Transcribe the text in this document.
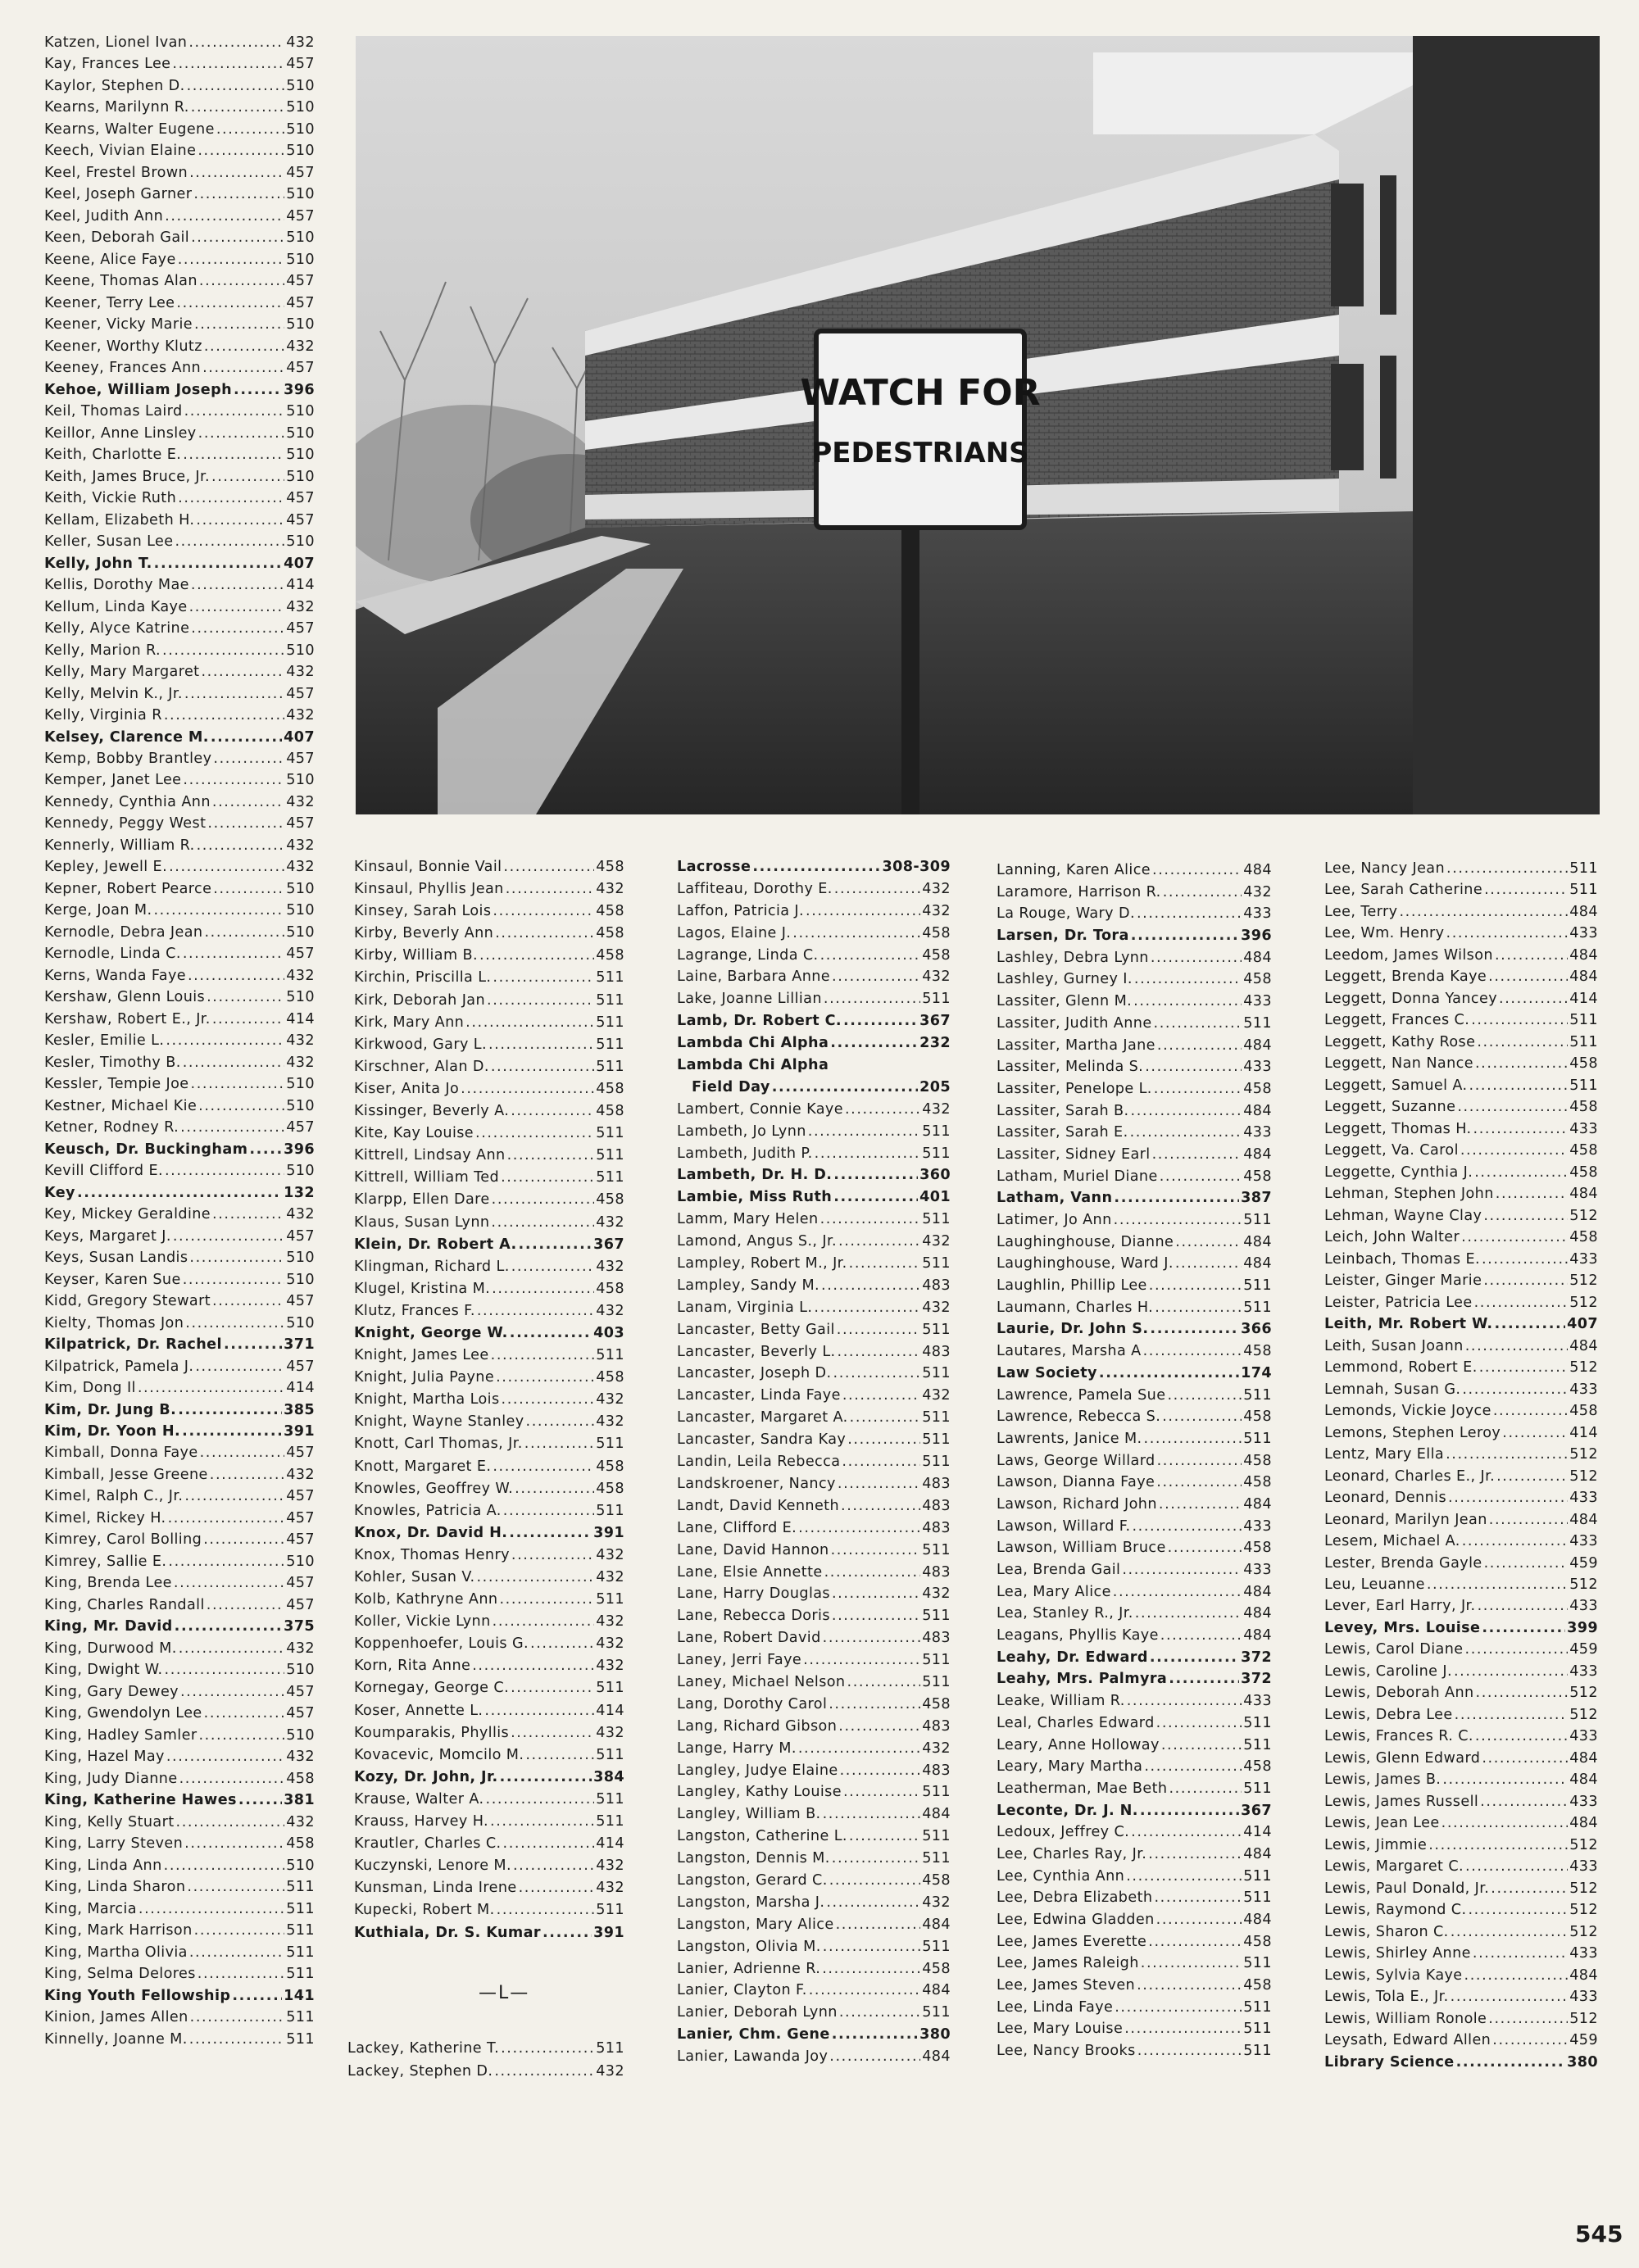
WATCH FOR
PEDESTRIANS
Katzen, Lionel Ivan .....	432
Kay, Frances Lee .....	457
Kaylor, Stephen D. .....	510
Kearns, Marilynn R. .....	510
Kearns, Walter Eugene .....	510
Keech, Vivian Elaine .....	510
Keel, Frestel Brown .....	457
Keel, Joseph Garner .....	510
Keel, Judith Ann .....	457
Keen, Deborah Gail .....	510
Keene, Alice Faye .....	510
Keene, Thomas Alan .....	457
Keener, Terry Lee .....	457
Keener, Vicky Marie .....	510
Keener, Worthy Klutz .....	432
Keeney, Frances Ann .....	457
Kehoe, William Joseph .....	396
Keil, Thomas Laird .....	510
Keillor, Anne Linsley .....	510
Keith, Charlotte E. .....	510
Keith, James Bruce, Jr. .....	510
Keith, Vickie Ruth .....	457
Kellam, Elizabeth H. .....	457
Keller, Susan Lee .....	510
Kelly, John T. .....	407
Kellis, Dorothy Mae .....	414
Kellum, Linda Kaye .....	432
Kelly, Alyce Katrine .....	457
Kelly, Marion R. .....	510
Kelly, Mary Margaret .....	432
Kelly, Melvin K., Jr. .....	457
Kelly, Virginia R .....	432
Kelsey, Clarence M. .....	407
Kemp, Bobby Brantley .....	457
Kemper, Janet Lee .....	510
Kennedy, Cynthia Ann .....	432
Kennedy, Peggy West .....	457
Kennerly, William R. .....	432
Kepley, Jewell E. .....	432
Kepner, Robert Pearce .....	510
Kerge, Joan M. .....	510
Kernodle, Debra Jean .....	510
Kernodle, Linda C. .....	457
Kerns, Wanda Faye .....	432
Kershaw, Glenn Louis .....	510
Kershaw, Robert E., Jr. .....	414
Kesler, Emilie L. .....	432
Kesler, Timothy B. .....	432
Kessler, Tempie Joe .....	510
Kestner, Michael Kie .....	510
Ketner, Rodney R. .....	457
Keusch, Dr. Buckingham ..... 396
Kevill Clifford E. .....	510
Key .....	132
Key, Mickey Geraldine .....	432
Keys, Margaret J. .....	457
Keys, Susan Landis .....	510
Keyser, Karen Sue .....	510
Kidd, Gregory Stewart .....	457
Kielty, Thomas Jon .....	510
Kilpatrick, Dr. Rachel .....	371
Kilpatrick, Pamela J. .....	457
Kim, Dong Il .....	414
Kim, Dr. Jung B. .....	385
Kim, Dr. Yoon H. .....	391
Kimball, Donna Faye .....	457
Kimball, Jesse Greene .....	432
Kimel, Ralph C., Jr. .....	457
Kimel, Rickey H. .....	457
Kimrey, Carol Bolling .....	457
Kimrey, Sallie E. .....	510
King, Brenda Lee .....	457
King, Charles Randall .....	457
King, Mr. David .....	375
King, Durwood M. .....	432
King, Dwight W. .....	510
King, Gary Dewey .....	457
King, Gwendolyn Lee .....	457
King, Hadley Samler .....	510
King, Hazel May .....	432
King, Judy Dianne .....	458
King, Katherine Hawes .....	381
King, Kelly Stuart .....	432
King, Larry Steven .....	458
King, Linda Ann .....	510
King, Linda Sharon .....	511
King, Marcia .....	511
King, Mark Harrison .....	511
King, Martha Olivia .....	511
King, Selma Delores .....	511
King Youth Fellowship .....	141
Kinion, James Allen .....	511
Kinnelly, Joanne M. .....	511
Kinsaul, Bonnie Vail .....	458
Kinsaul, Phyllis Jean .....	432
Kinsey, Sarah Lois .....	458
Kirby, Beverly Ann .....	458
Kirby, William B. .....	458
Kirchin, Priscilla L. .....	511
Kirk, Deborah Jan .....	511
Kirk, Mary Ann .....	511
Kirkwood, Gary L. .....	511
Kirschner, Alan D. .....	511
Kiser, Anita Jo .....	458
Kissinger, Beverly A. .....	458
Kite, Kay Louise .....	511
Kittrell, Lindsay Ann .....	511
Kittrell, William Ted .....	511
Klarpp, Ellen Dare .....	458
Klaus, Susan Lynn .....	432
Klein, Dr. Robert A. .....	367
Klingman, Richard L. .....	432
Klugel, Kristina M. .....	458
Klutz, Frances F. .....	432
Knight, George W. .....	403
Knight, James Lee .....	511
Knight, Julia Payne .....	458
Knight, Martha Lois .....	432
Knight, Wayne Stanley .....	432
Knott, Carl Thomas, Jr. .....	511
Knott, Margaret E. .....	458
Knowles, Geoffrey W. .....	458
Knowles, Patricia A. .....	511
Knox, Dr. David H. .....	391
Knox, Thomas Henry .....	432
Kohler, Susan V. .....	432
Kolb, Kathryne Ann .....	511
Koller, Vickie Lynn .....	432
Koppenhoefer, Louis G. .....	432
Korn, Rita Anne .....	432
Kornegay, George C. .....	511
Koser, Annette L. .....	414
Koumparakis, Phyllis .....	432
Kovacevic, Momcilo M. .....	511
Kozy, Dr. John, Jr. .....	384
Krause, Walter A. .....	511
Krauss, Harvey H. .....	511
Krautler, Charles C. .....	414
Kuczynski, Lenore M. .....	432
Kunsman, Linda Irene .....	432
Kupecki, Robert M. .....	511
Kuthiala, Dr. S. Kumar .....	391
Lacrosse .....	308-309
Laffiteau, Dorothy E. .....	432
Laffon, Patricia J. .....	432
Lagos, Elaine J. .....	458
Lagrange, Linda C. .....	458
Laine, Barbara Anne .....	432
Lake, Joanne Lillian .....	511
Lamb, Dr. Robert C. .....	367
Lambda Chi Alpha .....	232
Lambda Chi Alpha
Field Day .....	205
Lambert, Connie Kaye .....	432
Lambeth, Jo Lynn .....	511
Lambeth, Judith P. .....	511
Lambeth, Dr. H. D. .....	360
Lambie, Miss Ruth .....	401
Lamm, Mary Helen .....	511
Lamond, Angus S., Jr. .....	432
Lampley, Robert M., Jr. .....	511
Lampley, Sandy M. .....	483
Lanam, Virginia L. .....	432
Lancaster, Betty Gail .....	511
Lancaster, Beverly L. .....	483
Lancaster, Joseph D. .....	511
Lancaster, Linda Faye .....	432
Lancaster, Margaret A. .....	511
Lancaster, Sandra Kay .....	511
Landin, Leila Rebecca .....	511
Landskroener, Nancy .....	483
Landt, David Kenneth .....	483
Lane, Clifford E. .....	483
Lane, David Hannon .....	511
Lane, Elsie Annette .....	483
Lane, Harry Douglas .....	432
Lane, Rebecca Doris .....	511
Lane, Robert David .....	483
Laney, Jerri Faye .....	511
Laney, Michael Nelson .....	511
Lang, Dorothy Carol .....	458
Lang, Richard Gibson .....	483
Lange, Harry M. .....	432
Langley, Judye Elaine .....	483
Langley, Kathy Louise .....	511
Langley, William B. .....	484
Langston, Catherine L. .....	511
Langston, Dennis M. .....	511
Langston, Gerard C. .....	458
Langston, Marsha J. .....	432
Langston, Mary Alice .....	484
Langston, Olivia M. .....	511
Lanier, Adrienne R. .....	458
Lanier, Clayton F. .....	484
Lanier, Deborah Lynn .....	511
Lanier, Chm. Gene .....	380
Lanier, Lawanda Joy .....	484
Lanning, Karen Alice .....	484
Laramore, Harrison R. .....	432
La Rouge, Wary D. .....	433
Larsen, Dr. Tora .....	396
Lashley, Debra Lynn .....	484
Lashley, Gurney I. .....	458
Lassiter, Glenn M. .....	433
Lassiter, Judith Anne .....	511
Lassiter, Martha Jane .....	484
Lassiter, Melinda S. .....	433
Lassiter, Penelope L. .....	458
Lassiter, Sarah B. .....	484
Lassiter, Sarah E. .....	433
Lassiter, Sidney Earl .....	484
Latham, Muriel Diane .....	458
Latham, Vann .....	387
Latimer, Jo Ann .....	511
Laughinghouse, Dianne .....	484
Laughinghouse, Ward J. .....	484
Laughlin, Phillip Lee .....	511
Laumann, Charles H. .....	511
Laurie, Dr. John S. .....	366
Lautares, Marsha A .....	458
Law Society .....	174
Lawrence, Pamela Sue .....	511
Lawrence, Rebecca S. .....	458
Lawrents, Janice M. .....	511
Laws, George Willard .....	458
Lawson, Dianna Faye .....	458
Lawson, Richard John .....	484
Lawson, Willard F. .....	433
Lawson, William Bruce .....	458
Lea, Brenda Gail .....	433
Lea, Mary Alice .....	484
Lea, Stanley R., Jr. .....	484
Leagans, Phyllis Kaye .....	484
Leahy, Dr. Edward .....	372
Leahy, Mrs. Palmyra .....	372
Leake, William R. .....	433
Leal, Charles Edward .....	511
Leary, Anne Holloway .....	511
Leary, Mary Martha .....	458
Leatherman, Mae Beth .....	511
Leconte, Dr. J. N. .....	367
Ledoux, Jeffrey C. .....	414
Lee, Charles Ray, Jr. .....	484
Lee, Cynthia Ann .....	511
Lee, Debra Elizabeth .....	511
Lee, Edwina Gladden .....	484
Lee, James Everette .....	458
Lee, James Raleigh .....	511
Lee, James Steven .....	458
Lee, Linda Faye .....	511
Lee, Mary Louise .....	511
Lee, Nancy Brooks .....	511
Lee, Nancy Jean .....	511
Lee, Sarah Catherine .....	511
Lee, Terry .....	484
Lee, Wm. Henry .....	433
Leedom, James Wilson .....	484
Leggett, Brenda Kaye .....	484
Leggett, Donna Yancey .....	414
Leggett, Frances C. .....	511
Leggett, Kathy Rose .....	511
Leggett, Nan Nance .....	458
Leggett, Samuel A. .....	511
Leggett, Suzanne .....	458
Leggett, Thomas H. .....	433
Leggett, Va. Carol .....	458
Leggette, Cynthia J. .....	458
Lehman, Stephen John .....	484
Lehman, Wayne Clay .....	512
Leich, John Walter .....	458
Leinbach, Thomas E. .....	433
Leister, Ginger Marie .....	512
Leister, Patricia Lee .....	512
Leith, Mr. Robert W. .....	407
Leith, Susan Joann .....	484
Lemmond, Robert E. .....	512
Lemnah, Susan G. .....	433
Lemonds, Vickie Joyce .....	458
Lemons, Stephen Leroy .....	414
Lentz, Mary Ella .....	512
Leonard, Charles E., Jr. .....	512
Leonard, Dennis .....	433
Leonard, Marilyn Jean .....	484
Lesem, Michael A. .....	433
Lester, Brenda Gayle .....	459
Leu, Leuanne .....	512
Lever, Earl Harry, Jr. .....	433
Levey, Mrs. Louise .....	399
Lewis, Carol Diane .....	459
Lewis, Caroline J. .....	433
Lewis, Deborah Ann .....	512
Lewis, Debra Lee .....	512
Lewis, Frances R. C. .....	433
Lewis, Glenn Edward .....	484
Lewis, James B. .....	484
Lewis, James Russell .....	433
Lewis, Jean Lee .....	484
Lewis, Jimmie .....	512
Lewis, Margaret C. .....	433
Lewis, Paul Donald, Jr. .....	512
Lewis, Raymond C. .....	512
Lewis, Sharon C. .....	512
Lewis, Shirley Anne .....	433
Lewis, Sylvia Kaye .....	484
Lewis, Tola E., Jr. .....	433
Lewis, William Ronole .....	512
Leysath, Edward Allen .....	459
Library Science .....	380
—L—
Lackey, Katherine T. .....	511
Lackey, Stephen D. .....	432
545
